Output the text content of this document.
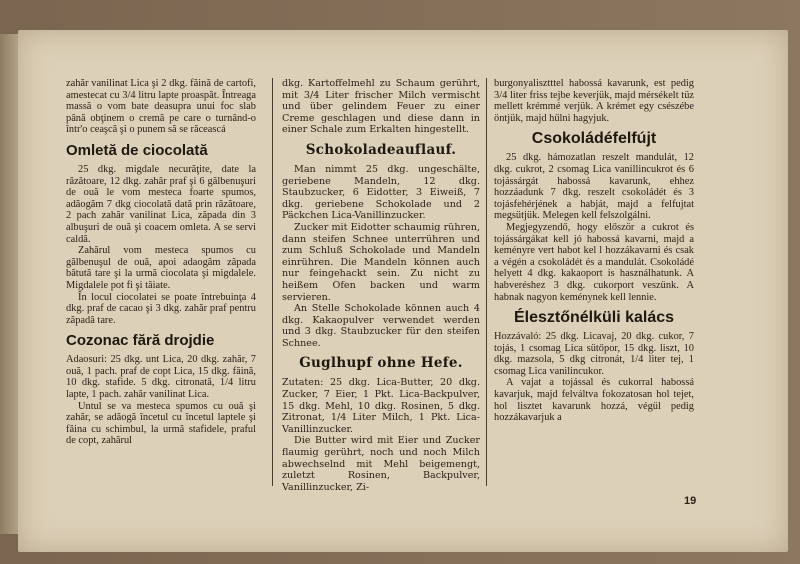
zahăr vanilinat Lica şi 2 dkg. făină de cartofi, amestecat cu 3/4 litru lapte proaspăt. Întreaga massă o vom bate deasupra unui foc slab până obţinem o cremă pe care o turnând-o într'o ceaşcă şi o punem să se răceascá

Omletă de ciocolată

25 dkg. migdale necurăţite, date la răzătoare, 12 dkg. zahăr praf şi 6 gălbenuşuri de ouă le vom mesteca foarte spumos, adăogăm 7 dkg ciocolată dată prin răzătoare, 2 pach zahăr vanilinat Lica, zăpada din 3 albuşuri de ouă şi coacem omleta. A se servi caldă.

Zahărul vom mesteca spumos cu gălbenuşul de ouă, apoi adaogăm zăpada bătută tare şi la urmă ciocolata şi migdalele. Migdalele pot fi şi tăiate.

În locul ciocolatei se poate întrebuinţa 4 dkg. praf de cacao şi 3 dkg. zahăr praf pentru zăpadă tare.

Cozonac fără drojdie

Adaosuri: 25 dkg. unt Lica, 20 dkg. zahăr, 7 ouă, 1 pach. praf de copt Lica, 15 dkg. făină, 10 dkg. stafide. 5 dkg. citronată, 1/4 litru lapte, 1 pach. zahăr vanilinat Lica.

Untul se va mesteca spumos cu ouă şi zahăr, se adăogă încetul cu încetul laptele şi făina cu schimbul, la urmă stafidele, praful de copt, zahărul

dkg. Kartoffelmehl zu Schaum gerührt, mit 3/4 Liter frischer Milch vermischt und über gelindem Feuer zu einer Creme geschlagen und diese dann in einer Schale zum Erkalten hingestellt.

Schokoladeauflauf.

Man nimmt 25 dkg. ungeschälte, geriebene Mandeln, 12 dkg. Staubzucker, 6 Eidotter, 3 Eiweiß, 7 dkg. geriebene Schokolade und 2 Päckchen Lica-Vanillinzucker.

Zucker mit Eidotter schaumig rühren, dann steifen Schnee unterrühren und zum Schluß Schokolade und Mandeln einrühren. Die Mandeln können auch nur feingehackt sein. Zu nicht zu heißem Ofen backen und warm servieren.

An Stelle Schokolade können auch 4 dkg. Kakaopulver verwendet werden und 3 dkg. Staubzucker für den steifen Schnee.

Guglhupf ohne Hefe.

Zutaten: 25 dkg. Lica-Butter, 20 dkg. Zucker, 7 Eier, 1 Pkt. Lica-Backpulver, 15 dkg. Mehl, 10 dkg. Rosinen, 5 dkg. Zitronat, 1/4 Liter Milch, 1 Pkt. Lica-Vanillinzucker.

Die Butter wird mit Eier und Zucker flaumig gerührt, noch und noch Milch abwechselnd mit Mehl beigemengt, zuletzt Rosinen, Backpulver, Vanillinzucker, Zi-

burgonyalisztttel habossá kavarunk, est pedig 3/4 liter friss tejbe keverjük, majd mérsékelt tüz mellett krémmé verjük. A krémet egy csészébe öntjük, majd hűlni hagyjuk.

Csokoládéfelfújt

25 dkg. hámozatlan reszelt mandulát, 12 dkg. cukrot, 2 csomag Lica vanillincukrot és 6 tojássárgát habossá kavarunk, ehhez hozzáadunk 7 dkg. reszelt csokoládét és 3 tojásfehérjének a habját, majd a felfujtat megsütjük. Melegen kell felszolgálni.

Megjegyzendő, hogy először a cukrot és tojássárgákat kell jó habossá kavarni, majd a keményre vert habot kel l hozzákavarni és csak a végén a csokoládét és a mandulát. Csokoládé helyett 4 dkg. kakaoport is használhatunk. A habveréshez 3 dkg. cukorport veszünk. A habnak nagyon keménynek kell lennie.

Élesztőnélküli kalács

Hozzávaló: 25 dkg. Licavaj, 20 dkg. cukor, 7 tojás, 1 csomag Lica sütőpor, 15 dkg. liszt, 10 dkg. mazsola, 5 dkg citronát, 1/4 liter tej, 1 csomag Lica vanilincukor.

A vajat a tojással és cukorral habossá kavarjuk, majd felváltva fokozatosan hol tejet, hol lisztet kavarunk hozzá, végül pedig hozzákavarjuk a

19
